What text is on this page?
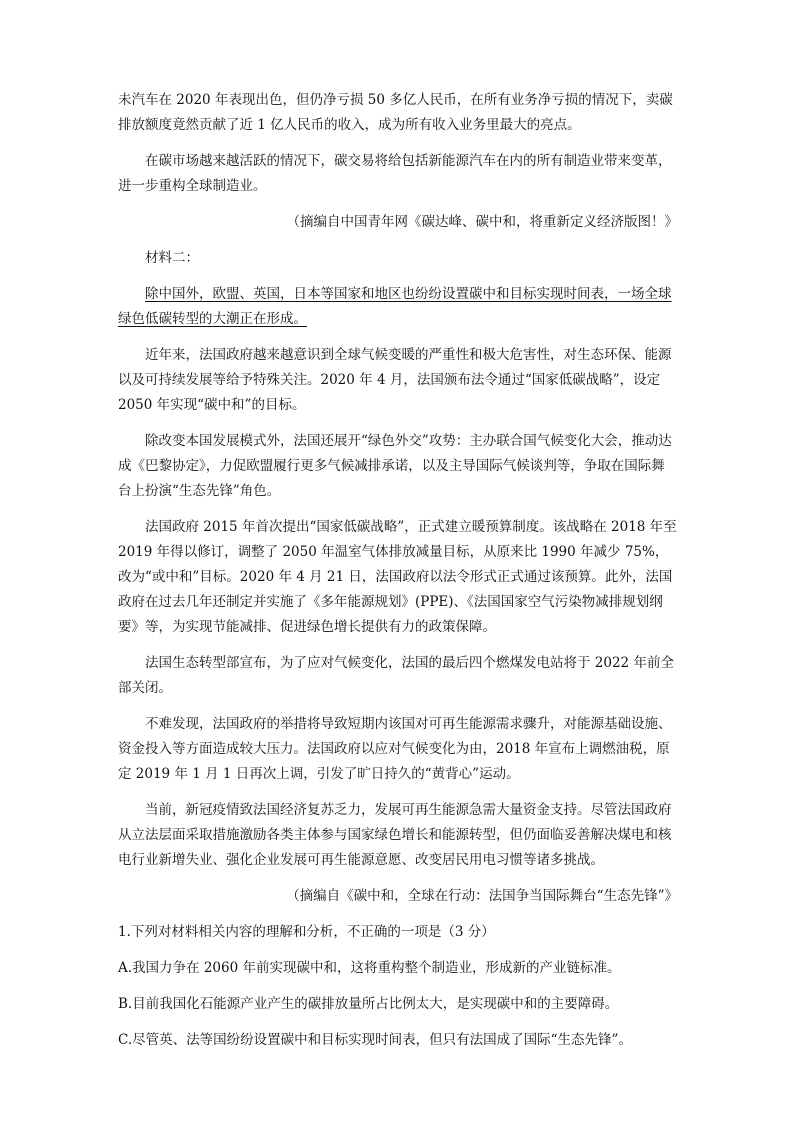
未汽车在 2020 年表现出色，但仍净亏损 50 多亿人民币，在所有业务净亏损的情况下，卖碳排放额度竟然贡献了近 1 亿人民币的收入，成为所有收入业务里最大的亮点。

在碳市场越来越活跃的情况下，碳交易将给包括新能源汽车在内的所有制造业带来变革，进一步重构全球制造业。

（摘编自中国青年网《碳达峰、碳中和，将重新定义经济版图！》

材料二：

除中国外，欧盟、英国，日本等国家和地区也纷纷设置碳中和目标实现时间表，一场全球绿色低碳转型的大潮正在形成。

近年来，法国政府越来越意识到全球气候变暖的严重性和极大危害性，对生态环保、能源以及可持续发展等给予特殊关注。2020 年 4 月，法国颁布法令通过“国家低碳战略”，设定 2050 年实现“碳中和”的目标。

除改变本国发展模式外，法国还展开“绿色外交”攻势：主办联合国气候变化大会，推动达成《巴黎协定》，力促欧盟履行更多气候减排承诺，以及主导国际气候谈判等，争取在国际舞台上扮演“生态先锋”角色。

法国政府 2015 年首次提出“国家低碳战略”，正式建立暖预算制度。该战略在 2018 年至 2019 年得以修订，调整了 2050 年温室气体排放减量目标，从原来比 1990 年减少 75%，改为“或中和”目标。2020 年 4 月 21 日，法国政府以法令形式正式通过该预算。此外，法国政府在过去几年还制定并实施了《多年能源规划》(PPE)、《法国国家空气污染物减排规划纲要》等，为实现节能减排、促进绿色增长提供有力的政策保障。

法国生态转型部宣布，为了应对气候变化，法国的最后四个燃煤发电站将于 2022 年前全部关闭。

不难发现，法国政府的举措将导致短期内该国对可再生能源需求骤升，对能源基础设施、资金投入等方面造成较大压力。法国政府以应对气候变化为由，2018 年宣布上调燃油税，原定 2019 年 1 月 1 日再次上调，引发了旷日持久的“黄背心”运动。

当前，新冠疫情致法国经济复苏乏力，发展可再生能源急需大量资金支持。尽管法国政府从立法层面采取措施激励各类主体参与国家绿色增长和能源转型，但仍面临妥善解决煤电和核电行业新增失业、强化企业发展可再生能源意愿、改变居民用电习惯等诸多挑战。

（摘编自《碳中和，全球在行动：法国争当国际舞台“生态先锋”》

1.下列对材料相关内容的理解和分析，不正确的一项是（3 分）

A.我国力争在 2060 年前实现碳中和，这将重构整个制造业，形成新的产业链标准。

B.目前我国化石能源产业产生的碳排放量所占比例太大，是实现碳中和的主要障碍。

C.尽管英、法等国纷纷设置碳中和目标实现时间表，但只有法国成了国际“生态先锋”。
